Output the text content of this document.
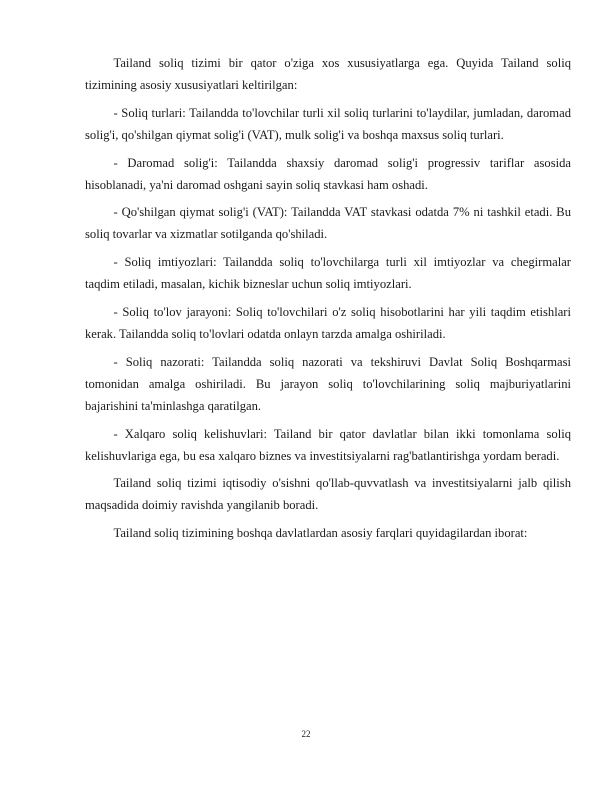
Tailand soliq tizimi bir qator o'ziga xos xususiyatlarga ega. Quyida Tailand soliq tizimining asosiy xususiyatlari keltirilgan:

- Soliq turlari: Tailandda to'lovchilar turli xil soliq turlarini to'laydilar, jumladan, daromad solig'i, qo'shilgan qiymat solig'i (VAT), mulk solig'i va boshqa maxsus soliq turlari.

- Daromad solig'i: Tailandda shaxsiy daromad solig'i progressiv tariflar asosida hisoblanadi, ya'ni daromad oshgani sayin soliq stavkasi ham oshadi.

- Qo'shilgan qiymat solig'i (VAT): Tailandda VAT stavkasi odatda 7% ni tashkil etadi. Bu soliq tovarlar va xizmatlar sotilganda qo'shiladi.

- Soliq imtiyozlari: Tailandda soliq to'lovchilarga turli xil imtiyozlar va chegirmalar taqdim etiladi, masalan, kichik bizneslar uchun soliq imtiyozlari.

- Soliq to'lov jarayoni: Soliq to'lovchilari o'z soliq hisobotlarini har yili taqdim etishlari kerak. Tailandda soliq to'lovlari odatda onlayn tarzda amalga oshiriladi.

- Soliq nazorati: Tailandda soliq nazorati va tekshiruvi Davlat Soliq Boshqarmasi tomonidan amalga oshiriladi. Bu jarayon soliq to'lovchilarining soliq majburiyatlarini bajarishini ta'minlashga qaratilgan.

- Xalqaro soliq kelishuvlari: Tailand bir qator davlatlar bilan ikki tomonlama soliq kelishuvlariga ega, bu esa xalqaro biznes va investitsiyalarni rag'batlantirishga yordam beradi.

Tailand soliq tizimi iqtisodiy o'sishni qo'llab-quvvatlash va investitsiyalarni jalb qilish maqsadida doimiy ravishda yangilanib boradi.

Tailand soliq tizimining boshqa davlatlardan asosiy farqlari quyidagilardan iborat:

22
